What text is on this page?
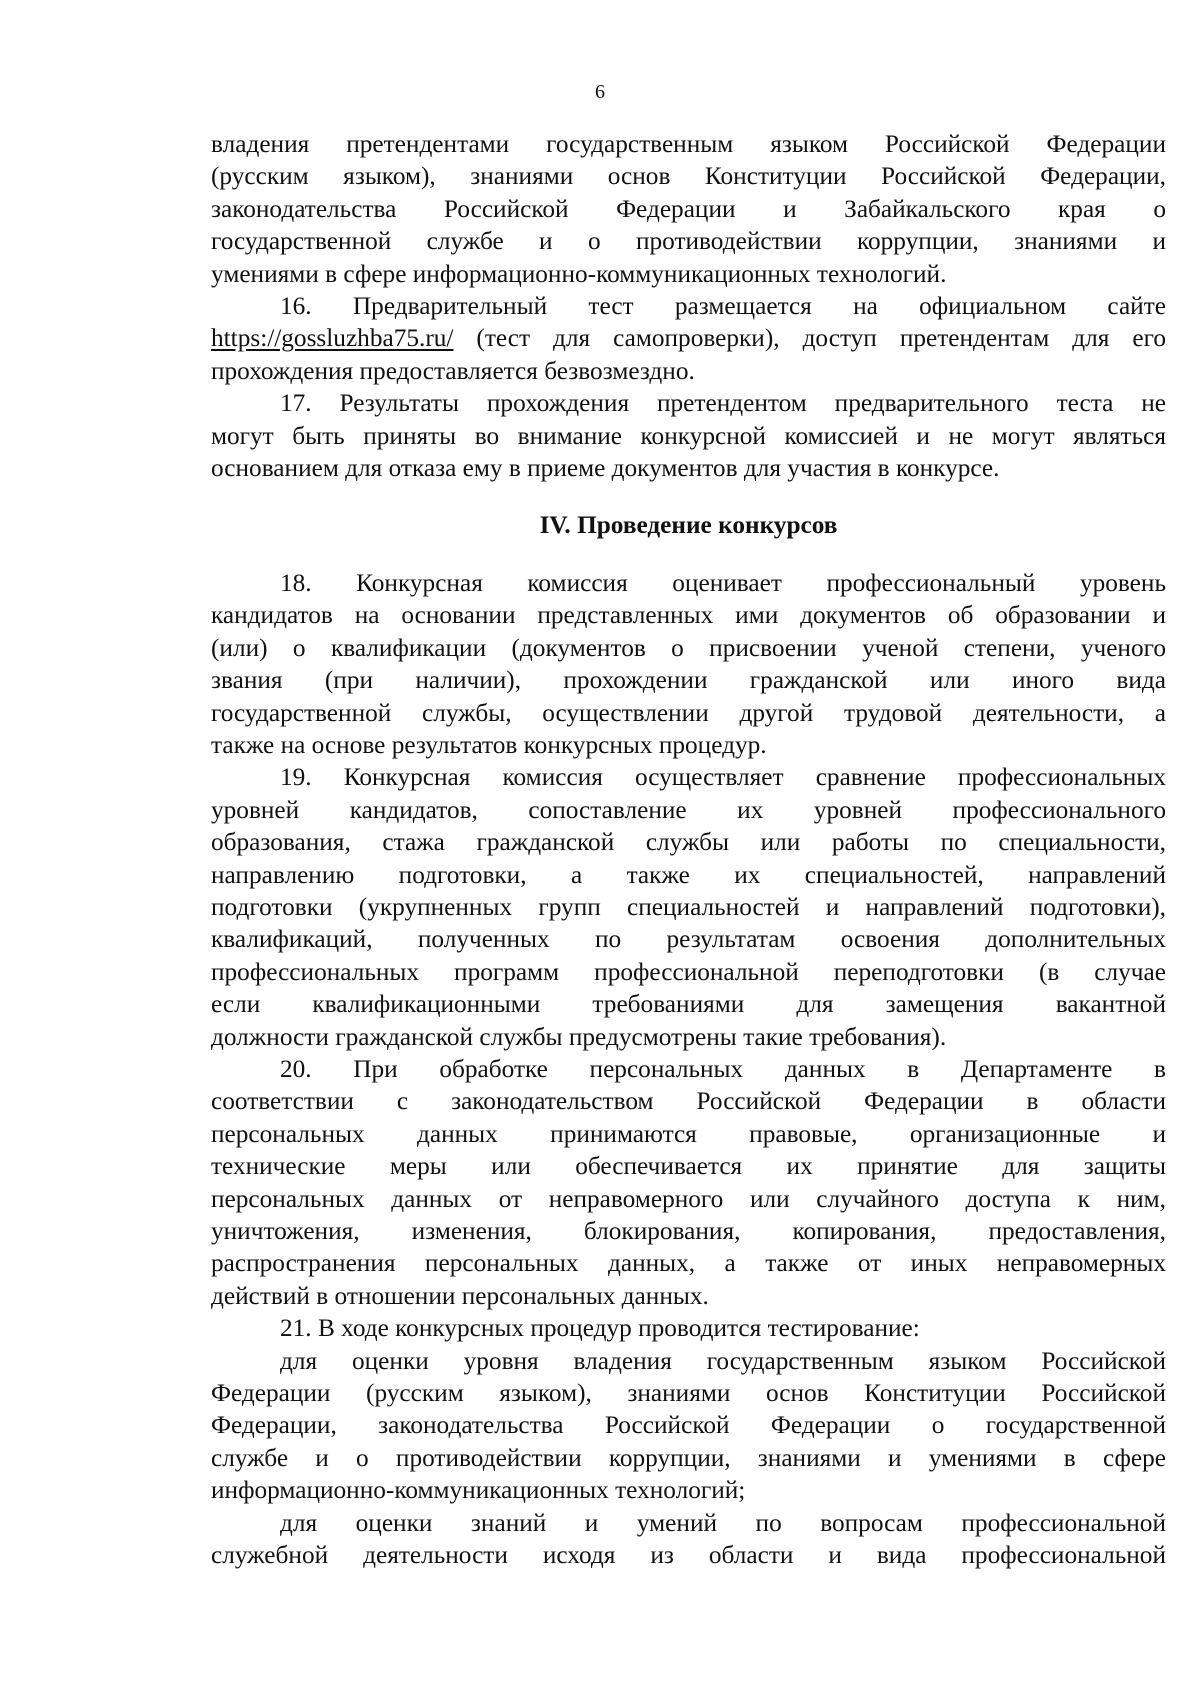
6
владения претендентами государственным языком Российской Федерации
(русским языком), знаниями основ Конституции Российской Федерации,
законодательства Российской Федерации и Забайкальского края о
государственной службе и о противодействии коррупции, знаниями и
умениями в сфере информационно-коммуникационных технологий.
16. Предварительный тест размещается на официальном сайте
https://gossluzhba75.ru/ (тест для самопроверки), доступ претендентам для его
прохождения предоставляется безвозмездно.
17. Результаты прохождения претендентом предварительного теста не
могут быть приняты во внимание конкурсной комиссией и не могут являться
основанием для отказа ему в приеме документов для участия в конкурсе.
IV. Проведение конкурсов
18. Конкурсная комиссия оценивает профессиональный уровень
кандидатов на основании представленных ими документов об образовании и
(или) о квалификации (документов о присвоении ученой степени, ученого
звания (при наличии), прохождении гражданской или иного вида
государственной службы, осуществлении другой трудовой деятельности, а
также на основе результатов конкурсных процедур.
19. Конкурсная комиссия осуществляет сравнение профессиональных
уровней кандидатов, сопоставление их уровней профессионального
образования, стажа гражданской службы или работы по специальности,
направлению подготовки, а также их специальностей, направлений
подготовки (укрупненных групп специальностей и направлений подготовки),
квалификаций, полученных по результатам освоения дополнительных
профессиональных программ профессиональной переподготовки (в случае
если квалификационными требованиями для замещения вакантной
должности гражданской службы предусмотрены такие требования).
20. При обработке персональных данных в Департаменте в
соответствии с законодательством Российской Федерации в области
персональных данных принимаются правовые, организационные и
технические меры или обеспечивается их принятие для защиты
персональных данных от неправомерного или случайного доступа к ним,
уничтожения, изменения, блокирования, копирования, предоставления,
распространения персональных данных, а также от иных неправомерных
действий в отношении персональных данных.
21. В ходе конкурсных процедур проводится тестирование:
для оценки уровня владения государственным языком Российской
Федерации (русским языком), знаниями основ Конституции Российской
Федерации, законодательства Российской Федерации о государственной
службе и о противодействии коррупции, знаниями и умениями в сфере
информационно-коммуникационных технологий;
для оценки знаний и умений по вопросам профессиональной
служебной деятельности исходя из области и вида профессиональной
